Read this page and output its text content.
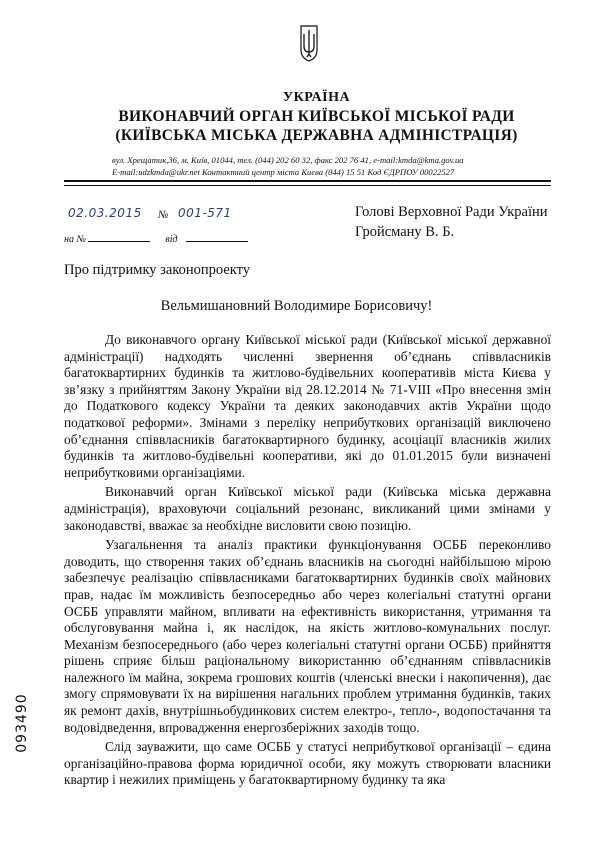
УКРАЇНА
ВИКОНАВЧИЙ ОРГАН КИЇВСЬКОЇ МІСЬКОЇ РАДИ
(КИЇВСЬКА МІСЬКА ДЕРЖАВНА АДМІНІСТРАЦІЯ)
вул. Хрещатик,36, м. Київ, 01044, тел. (044) 202 60 32, факс 202 76 41, e-mail:kmda@kma.gov.ua
E-mail:udzkmda@ukr.net Контактний центр міста Києва (044) 15 51 Код ЄДРПОУ 00022527
02.03.2015 № 001-571
на №	від
Голові Верховної Ради України
Гройсману В. Б.
Про підтримку законопроекту
Вельмишановний Володимире Борисовичу!

До виконавчого органу Київської міської ради (Київської міської державної адміністрації) надходять численні звернення об’єднань співвласників багатоквартирних будинків та житлово-будівельних кооперативів міста Києва у зв’язку з прийняттям Закону України від 28.12.2014 № 71-VIII «Про внесення змін до Податкового кодексу України та деяких законодавчих актів України щодо податкової реформи». Змінами з переліку неприбуткових організацій виключено об’єднання співвласників багатоквартирного будинку, асоціації власників жилих будинків та житлово-будівельні кооперативи, які до 01.01.2015 були визначені неприбутковими організаціями.

Виконавчий орган Київської міської ради (Київська міська державна адміністрація), враховуючи соціальний резонанс, викликаний цими змінами у законодавстві, вважає за необхідне висловити свою позицію.

Узагальнення та аналіз практики функціонування ОСББ переконливо доводить, що створення таких об’єднань власників на сьогодні найбільшою мірою забезпечує реалізацію співвласниками багатоквартирних будинків своїх майнових прав, надає їм можливість безпосередньо або через колегіальні статутні органи ОСББ управляти майном, впливати на ефективність використання, утримання та обслуговування майна і, як наслідок, на якість житлово-комунальних послуг. Механізм безпосереднього (або через колегіальні статутні органи ОСББ) прийняття рішень сприяє більш раціональному використанню об’єднанням співвласників належного їм майна, зокрема грошових коштів (членські внески і накопичення), дає змогу спрямовувати їх на вирішення нагальних проблем утримання будинків, таких як ремонт дахів, внутрішньобудинкових систем електро-, тепло-, водопостачання та водовідведення, впровадження енергозберіжних заходів тощо.

Слід зауважити, що саме ОСББ у статусі неприбуткової організації – єдина організаційно-правова форма юридичної особи, яку можуть створювати власники квартир і нежилих приміщень у багатоквартирному будинку та яка

093490
